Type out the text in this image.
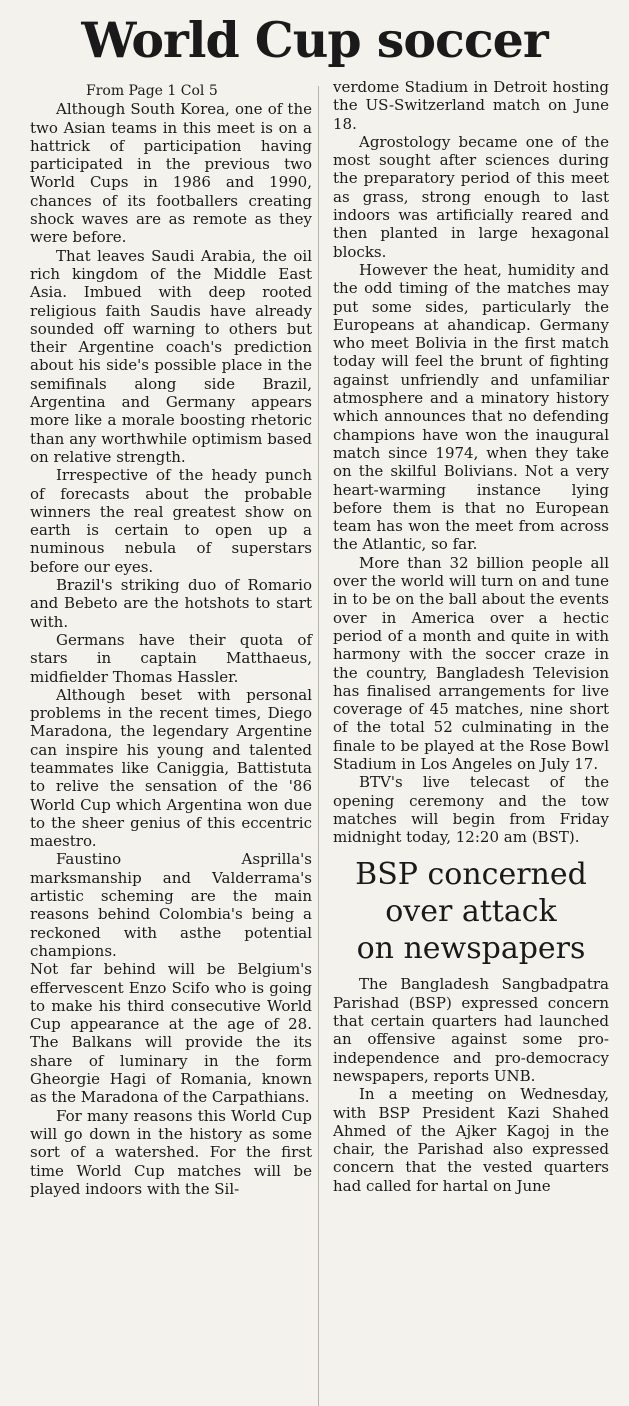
World Cup soccer

From Page 1 Col 5

Although South Korea, one of the two Asian teams in this meet is on a hattrick of participation having participated in the previous two World Cups in 1986 and 1990, chances of its footballers creating shock waves are as remote as they were before.

That leaves Saudi Arabia, the oil rich kingdom of the Middle East Asia. Imbued with deep rooted religious faith Saudis have already sounded off warning to others but their Argentine coach's prediction about his side's possible place in the semifinals along side Brazil, Argentina and Germany appears more like a morale boosting rhetoric than any worthwhile optimism based on relative strength.

Irrespective of the heady punch of forecasts about the probable winners the real greatest show on earth is certain to open up a numinous nebula of superstars before our eyes.

Brazil's striking duo of Romario and Bebeto are the hotshots to start with.

Germans have their quota of stars in captain Matthaeus, midfielder Thomas Hassler.

Although beset with personal problems in the recent times, Diego Maradona, the legendary Argentine can inspire his young and talented teammates like Caniggia, Battistuta to relive the sensation of the '86 World Cup which Argentina won due to the sheer genius of this eccentric maestro.

Faustino Asprilla's marksmanship and Valderrama's artistic scheming are the main reasons behind Colombia's being a reckoned with asthe potential champions.

Not far behind will be Belgium's effervescent Enzo Scifo who is going to make his third consecutive World Cup appearance at the age of 28. The Balkans will provide the its share of luminary in the form Gheorgie Hagi of Romania, known as the Maradona of the Carpathians.

For many reasons this World Cup will go down in the history as some sort of a watershed. For the first time World Cup matches will be played indoors with the Sil-

verdome Stadium in Detroit hosting the US-Switzerland match on June 18.

Agrostology became one of the most sought after sciences during the preparatory period of this meet as grass, strong enough to last indoors was artificially reared and then planted in large hexagonal blocks.

However the heat, humidity and the odd timing of the matches may put some sides, particularly the Europeans at ahandicap. Germany who meet Bolivia in the first match today will feel the brunt of fighting against unfriendly and unfamiliar atmosphere and a minatory history which announces that no defending champions have won the inaugural match since 1974, when they take on the skilful Bolivians. Not a very heart-warming instance lying before them is that no European team has won the meet from across the Atlantic, so far.

More than 32 billion people all over the world will turn on and tune in to be on the ball about the events over in America over a hectic period of a month and quite in with harmony with the soccer craze in the country, Bangladesh Television has finalised arrangements for live coverage of 45 matches, nine short of the total 52 culminating in the finale to be played at the Rose Bowl Stadium in Los Angeles on July 17.

BTV's live telecast of the opening ceremony and the tow matches will begin from Friday midnight today, 12:20 am (BST).

BSP concerned
over attack
on newspapers

The Bangladesh Sangbadpatra Parishad (BSP) expressed concern that certain quarters had launched an offensive against some pro-independence and pro-democracy newspapers, reports UNB.

In a meeting on Wednesday, with BSP President Kazi Shahed Ahmed of the Ajker Kagoj in the chair, the Parishad also expressed concern that the vested quarters had called for hartal on June
